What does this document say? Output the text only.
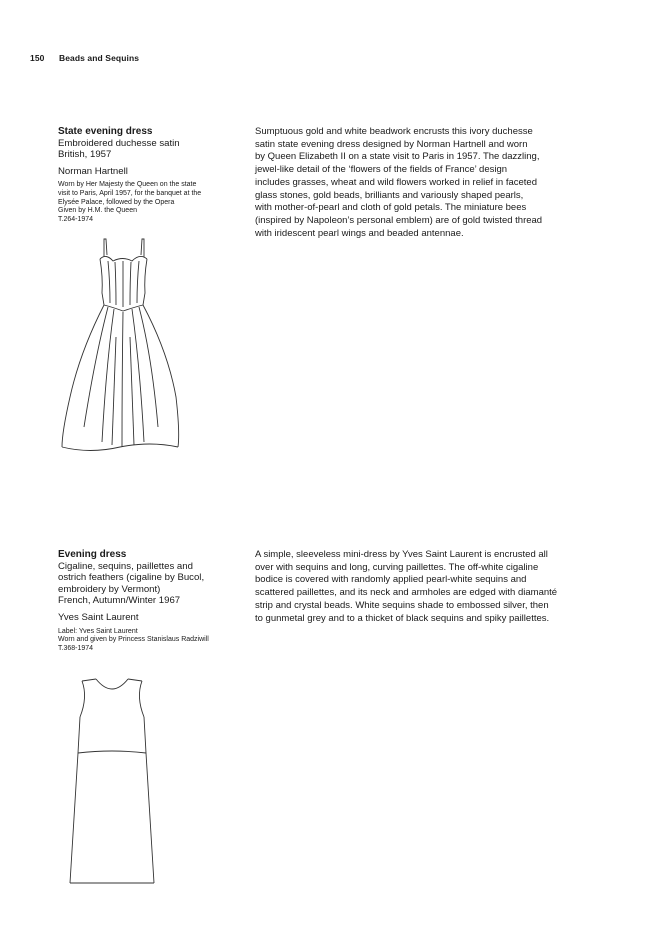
150 Beads and Sequins
State evening dress
Embroidered duchesse satin
British, 1957
Norman Hartnell
Worn by Her Majesty the Queen on the state
visit to Paris, April 1957, for the banquet at the
Elysée Palace, followed by the Opera
Given by H.M. the Queen
T.264-1974
Sumptuous gold and white beadwork encrusts this ivory duchesse
satin state evening dress designed by Norman Hartnell and worn
by Queen Elizabeth II on a state visit to Paris in 1957. The dazzling,
jewel-like detail of the ‘flowers of the fields of France’ design
includes grasses, wheat and wild flowers worked in relief in faceted
glass stones, gold beads, brilliants and variously shaped pearls,
with mother-of-pearl and cloth of gold petals. The miniature bees
(inspired by Napoleon’s personal emblem) are of gold twisted thread
with iridescent pearl wings and beaded antennae.
Evening dress
Cigaline, sequins, paillettes and
ostrich feathers (cigaline by Bucol,
embroidery by Vermont)
French, Autumn/Winter 1967
Yves Saint Laurent
Label: Yves Saint Laurent
Worn and given by Princess Stanislaus Radziwill
T.368-1974
A simple, sleeveless mini-dress by Yves Saint Laurent is encrusted all
over with sequins and long, curving paillettes. The off-white cigaline
bodice is covered with randomly applied pearl-white sequins and
scattered paillettes, and its neck and armholes are edged with diamanté
strip and crystal beads. White sequins shade to embossed silver, then
to gunmetal grey and to a thicket of black sequins and spiky paillettes.
